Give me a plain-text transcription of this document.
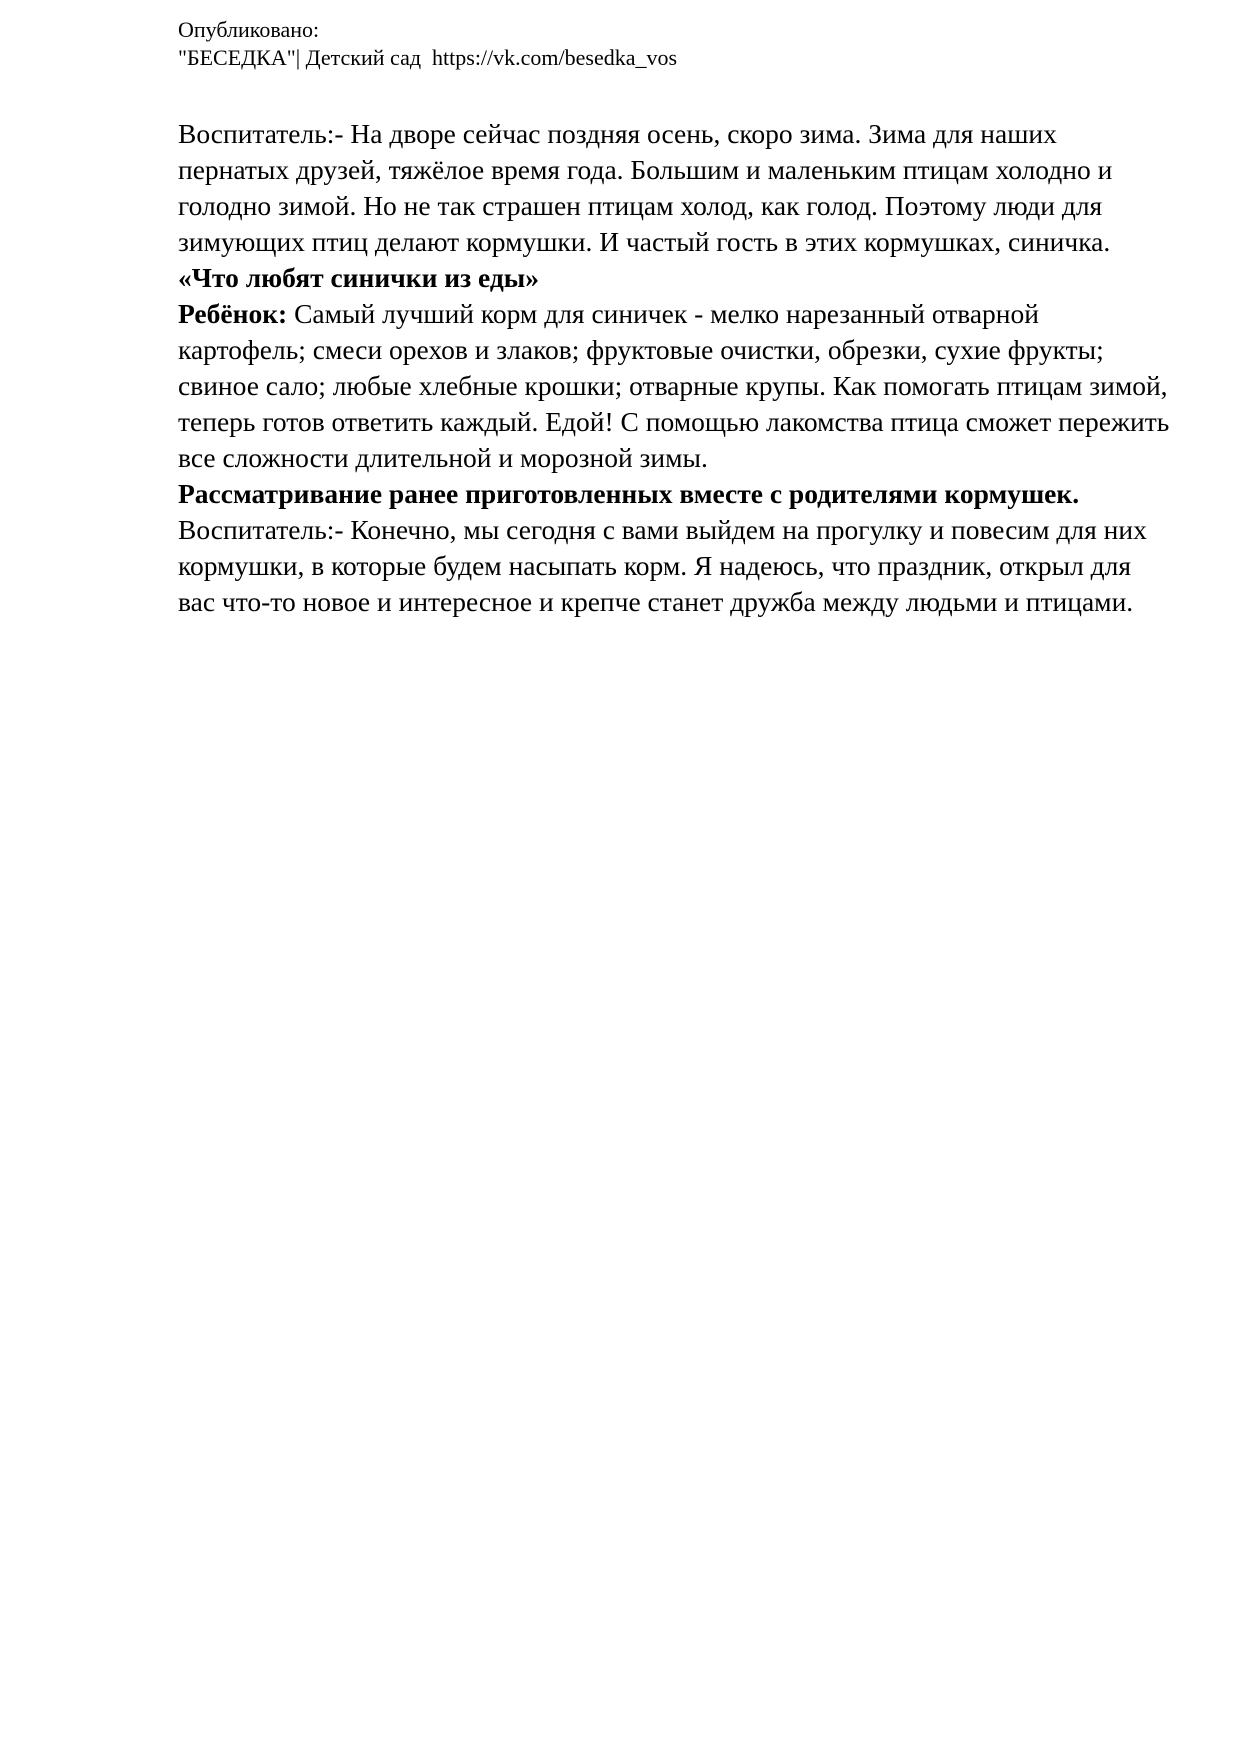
Опубликовано:
"БЕСЕДКА"| Детский сад  https://vk.com/besedka_vos

Воспитатель:- На дворе сейчас поздняя осень, скоро зима. Зима для наших пернатых друзей, тяжёлое время года. Большим и маленьким птицам холодно и голодно зимой. Но не так страшен птицам холод, как голод. Поэтому люди для зимующих птиц делают кормушки. И частый гость в этих кормушках, синичка.

«Что любят синички из еды»

Ребёнок: Самый лучший корм для синичек - мелко нарезанный отварной картофель; смеси орехов и злаков; фруктовые очистки, обрезки, сухие фрукты; свиное сало; любые хлебные крошки; отварные крупы. Как помогать птицам зимой, теперь готов ответить каждый. Едой! С помощью лакомства птица сможет пережить все сложности длительной и морозной зимы.

Рассматривание ранее приготовленных вместе с родителями кормушек.

Воспитатель:- Конечно, мы сегодня с вами выйдем на прогулку и повесим для них кормушки, в которые будем насыпать корм. Я надеюсь, что праздник, открыл для вас что-то новое и интересное и крепче станет дружба между людьми и птицами.
